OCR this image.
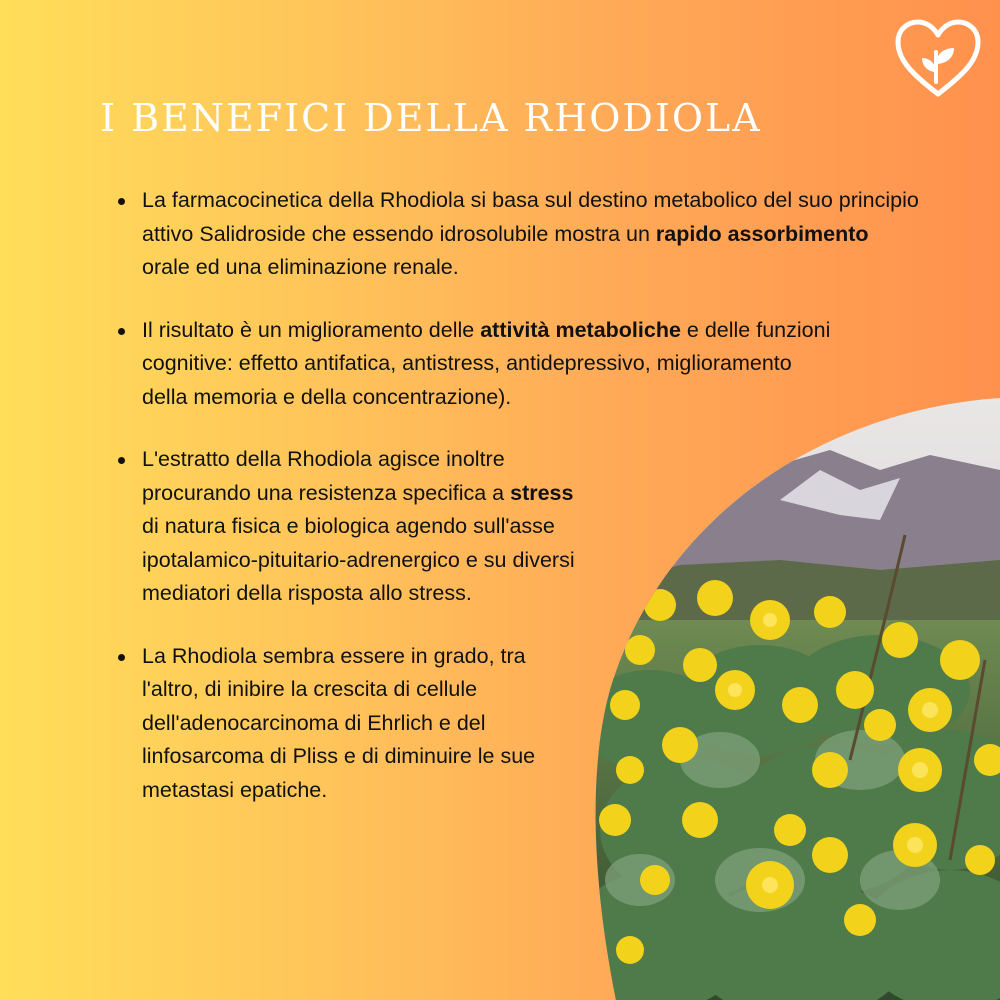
I BENEFICI DELLA RHODIOLA
La farmacocinetica della Rhodiola si basa sul destino metabolico del suo principio attivo Salidroside che essendo idrosolubile mostra un rapido assorbimento orale ed una eliminazione renale.
Il risultato è un miglioramento delle attività metaboliche e delle funzioni cognitive: effetto antifatica, antistress, antidepressivo, miglioramento della memoria e della concentrazione).
L'estratto della Rhodiola agisce inoltre procurando una resistenza specifica a stress di natura fisica e biologica agendo sull'asse ipotalamico-pituitario-adrenergico e su diversi mediatori della risposta allo stress.
La Rhodiola sembra essere in grado, tra l'altro, di inibire la crescita di cellule dell'adenocarcinoma di Ehrlich e del linfosarcoma di Pliss e di diminuire le sue metastasi epatiche.
